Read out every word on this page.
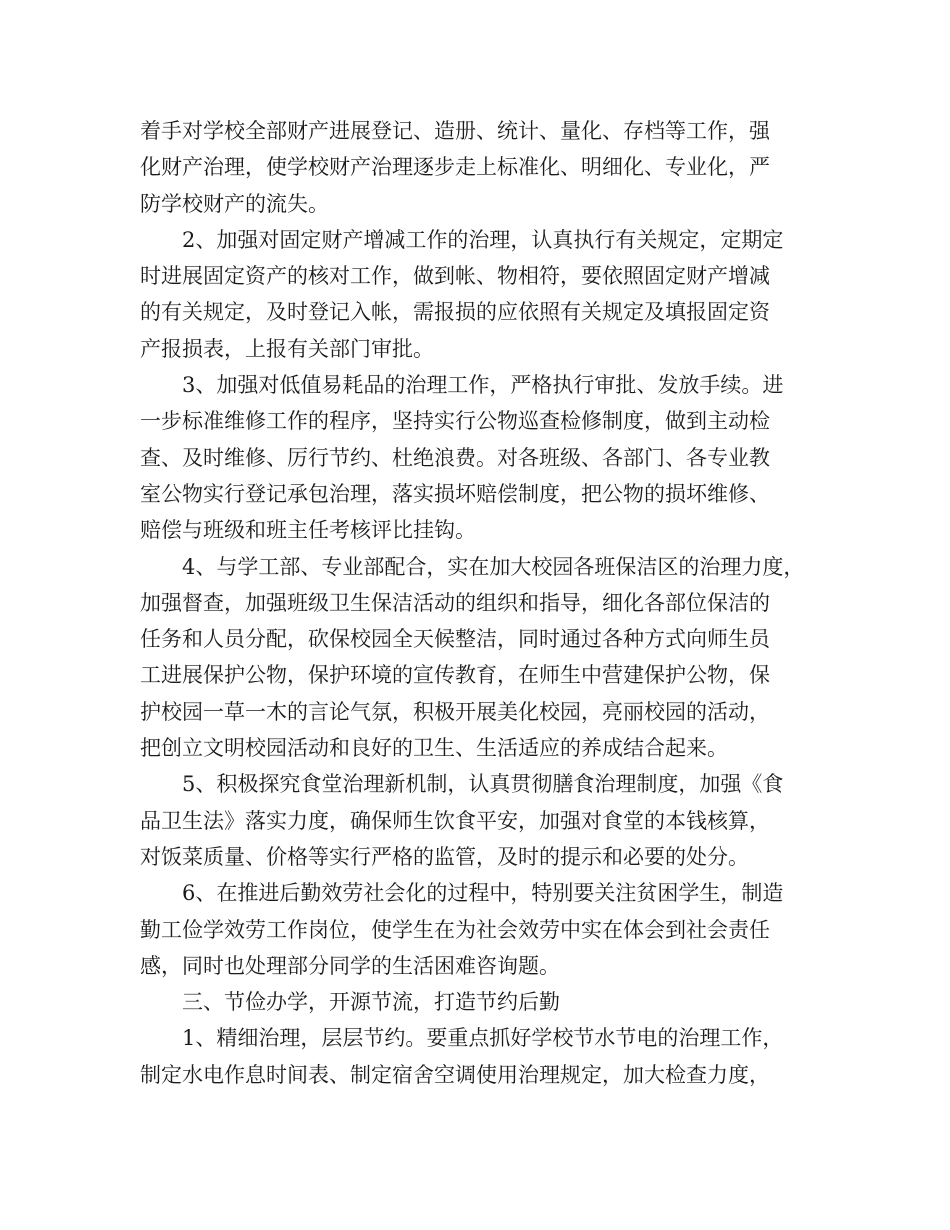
着手对学校全部财产进展登记、造册、统计、量化、存档等工作，强
化财产治理，使学校财产治理逐步走上标准化、明细化、专业化，严
防学校财产的流失。
2、加强对固定财产增减工作的治理，认真执行有关规定，定期定
时进展固定资产的核对工作，做到帐、物相符，要依照固定财产增减
的有关规定，及时登记入帐，需报损的应依照有关规定及填报固定资
产报损表，上报有关部门审批。
3、加强对低值易耗品的治理工作，严格执行审批、发放手续。进
一步标准维修工作的程序，坚持实行公物巡查检修制度，做到主动检
查、及时维修、厉行节约、杜绝浪费。对各班级、各部门、各专业教
室公物实行登记承包治理，落实损坏赔偿制度，把公物的损坏维修、
赔偿与班级和班主任考核评比挂钩。
4、与学工部、专业部配合，实在加大校园各班保洁区的治理力度，
加强督查，加强班级卫生保洁活动的组织和指导，细化各部位保洁的
任务和人员分配，砍保校园全天候整洁，同时通过各种方式向师生员
工进展保护公物，保护环境的宣传教育，在师生中营建保护公物，保
护校园一草一木的言论气氛，积极开展美化校园，亮丽校园的活动，
把创立文明校园活动和良好的卫生、生活适应的养成结合起来。
5、积极探究食堂治理新机制，认真贯彻膳食治理制度，加强《食
品卫生法》落实力度，确保师生饮食平安，加强对食堂的本钱核算，
对饭菜质量、价格等实行严格的监管，及时的提示和必要的处分。
6、在推进后勤效劳社会化的过程中，特别要关注贫困学生，制造
勤工俭学效劳工作岗位，使学生在为社会效劳中实在体会到社会责任
感，同时也处理部分同学的生活困难咨询题。
三、节俭办学，开源节流，打造节约后勤
1、精细治理，层层节约。要重点抓好学校节水节电的治理工作，
制定水电作息时间表、制定宿舍空调使用治理规定，加大检查力度，
